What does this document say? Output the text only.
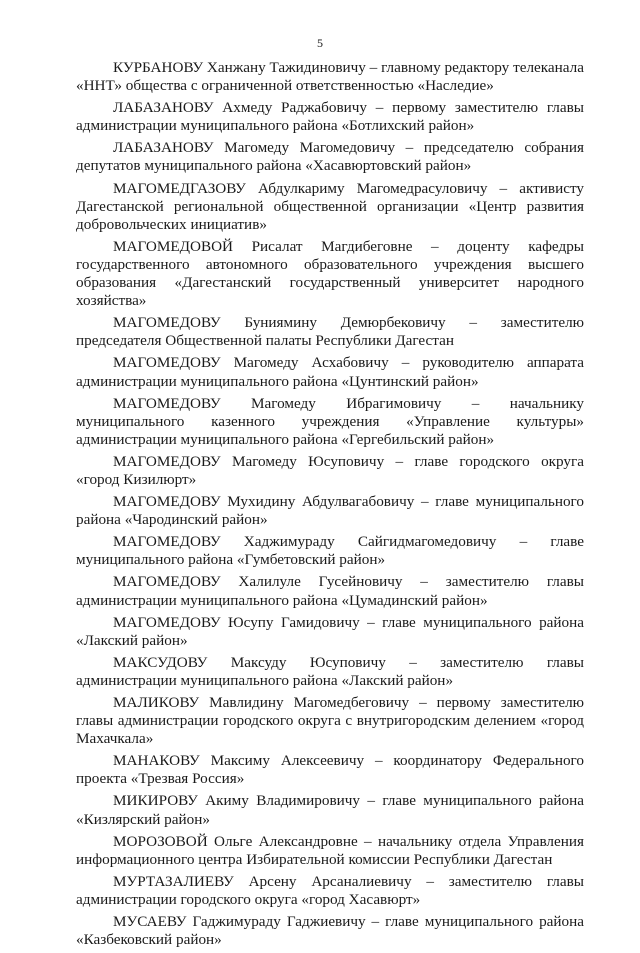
5

КУРБАНОВУ Ханжану Тажидиновичу – главному редактору телеканала «ННТ» общества с ограниченной ответственностью «Наследие»

ЛАБАЗАНОВУ Ахмеду Раджабовичу – первому заместителю главы администрации муниципального района «Ботлихский район»

ЛАБАЗАНОВУ Магомеду Магомедовичу – председателю собрания депутатов муниципального района «Хасавюртовский район»

МАГОМЕДГАЗОВУ Абдулкариму Магомедрасуловичу – активисту Дагестанской региональной общественной организации «Центр развития добровольческих инициатив»

МАГОМЕДОВОЙ Рисалат Магдибеговне – доценту кафедры государственного автономного образовательного учреждения высшего образования «Дагестанский государственный университет народного хозяйства»

МАГОМЕДОВУ Буниямину Демюрбековичу – заместителю председателя Общественной палаты Республики Дагестан

МАГОМЕДОВУ Магомеду Асхабовичу – руководителю аппарата администрации муниципального района «Цунтинский район»

МАГОМЕДОВУ Магомеду Ибрагимовичу – начальнику муниципального казенного учреждения «Управление культуры» администрации муниципального района «Гергебильский район»

МАГОМЕДОВУ Магомеду Юсуповичу – главе городского округа «город Кизилюрт»

МАГОМЕДОВУ Мухидину Абдулвагабовичу – главе муниципального района «Чародинский район»

МАГОМЕДОВУ Хаджимураду Сайгидмагомедовичу – главе муниципального района «Гумбетовский район»

МАГОМЕДОВУ Халилуле Гусейновичу – заместителю главы администрации муниципального района «Цумадинский район»

МАГОМЕДОВУ Юсупу Гамидовичу – главе муниципального района «Лакский район»

МАКСУДОВУ Максуду Юсуповичу – заместителю главы администрации муниципального района «Лакский район»

МАЛИКОВУ Мавлидину Магомедбеговичу – первому заместителю главы администрации городского округа с внутригородским делением «город Махачкала»

МАНАКОВУ Максиму Алексеевичу – координатору Федерального проекта «Трезвая Россия»

МИКИРОВУ Акиму Владимировичу – главе муниципального района «Кизлярский район»

МОРОЗОВОЙ Ольге Александровне – начальнику отдела Управления информационного центра Избирательной комиссии Республики Дагестан

МУРТАЗАЛИЕВУ Арсену Арсаналиевичу – заместителю главы администрации городского округа «город Хасавюрт»

МУСАЕВУ Гаджимураду Гаджиевичу – главе муниципального района «Казбековский район»
